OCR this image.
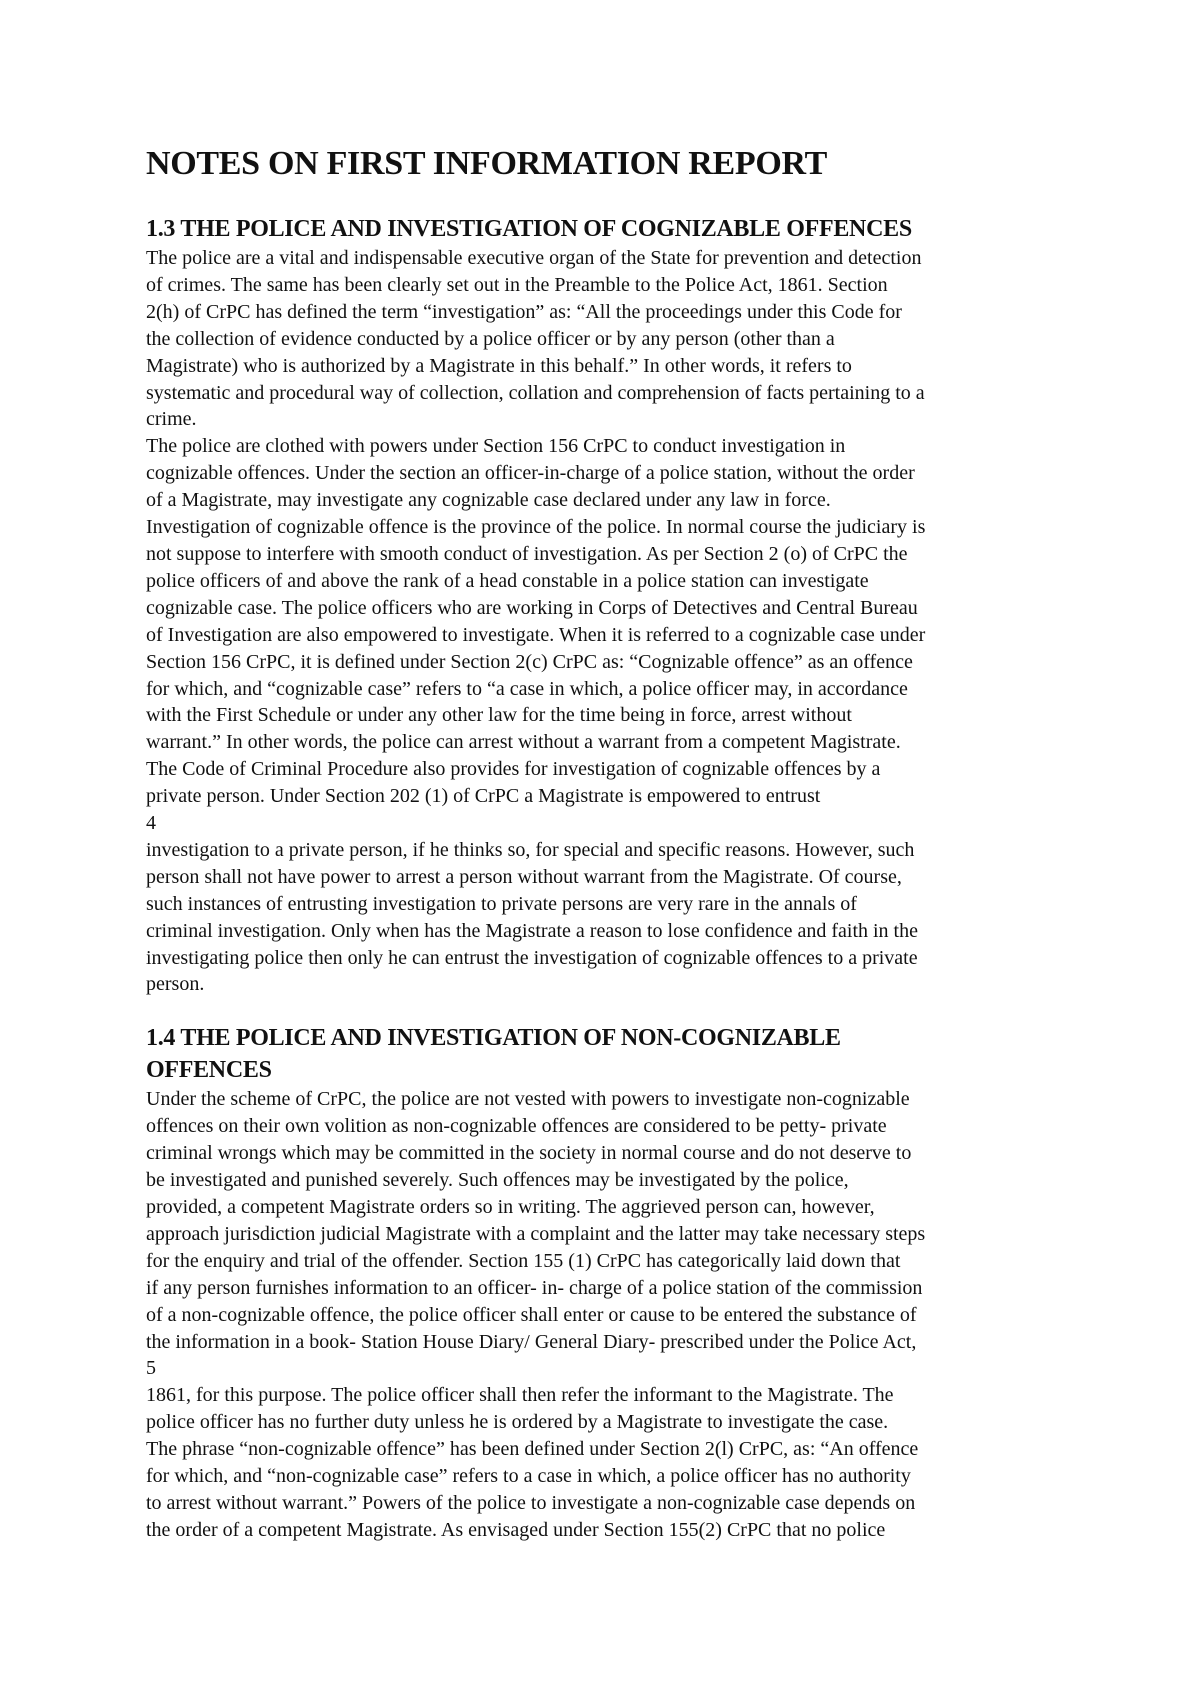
NOTES ON FIRST INFORMATION REPORT
1.3 THE POLICE AND INVESTIGATION OF COGNIZABLE OFFENCES
The police are a vital and indispensable executive organ of the State for prevention and detection
of crimes. The same has been clearly set out in the Preamble to the Police Act, 1861. Section
2(h) of CrPC has defined the term “investigation” as: “All the proceedings under this Code for
the collection of evidence conducted by a police officer or by any person (other than a
Magistrate) who is authorized by a Magistrate in this behalf.” In other words, it refers to
systematic and procedural way of collection, collation and comprehension of facts pertaining to a
crime.
The police are clothed with powers under Section 156 CrPC to conduct investigation in
cognizable offences. Under the section an officer-in-charge of a police station, without the order
of a Magistrate, may investigate any cognizable case declared under any law in force.
Investigation of cognizable offence is the province of the police. In normal course the judiciary is
not suppose to interfere with smooth conduct of investigation. As per Section 2 (o) of CrPC the
police officers of and above the rank of a head constable in a police station can investigate
cognizable case. The police officers who are working in Corps of Detectives and Central Bureau
of Investigation are also empowered to investigate. When it is referred to a cognizable case under
Section 156 CrPC, it is defined under Section 2(c) CrPC as: “Cognizable offence” as an offence
for which, and “cognizable case” refers to “a case in which, a police officer may, in accordance
with the First Schedule or under any other law for the time being in force, arrest without
warrant.” In other words, the police can arrest without a warrant from a competent Magistrate.
The Code of Criminal Procedure also provides for investigation of cognizable offences by a
private person. Under Section 202 (1) of CrPC a Magistrate is empowered to entrust
4
investigation to a private person, if he thinks so, for special and specific reasons. However, such
person shall not have power to arrest a person without warrant from the Magistrate. Of course,
such instances of entrusting investigation to private persons are very rare in the annals of
criminal investigation. Only when has the Magistrate a reason to lose confidence and faith in the
investigating police then only he can entrust the investigation of cognizable offences to a private
person.
1.4 THE POLICE AND INVESTIGATION OF NON-COGNIZABLE
OFFENCES
Under the scheme of CrPC, the police are not vested with powers to investigate non-cognizable
offences on their own volition as non-cognizable offences are considered to be petty- private
criminal wrongs which may be committed in the society in normal course and do not deserve to
be investigated and punished severely. Such offences may be investigated by the police,
provided, a competent Magistrate orders so in writing. The aggrieved person can, however,
approach jurisdiction judicial Magistrate with a complaint and the latter may take necessary steps
for the enquiry and trial of the offender. Section 155 (1) CrPC has categorically laid down that
if any person furnishes information to an officer- in- charge of a police station of the commission
of a non-cognizable offence, the police officer shall enter or cause to be entered the substance of
the information in a book- Station House Diary/ General Diary- prescribed under the Police Act,
5
1861, for this purpose. The police officer shall then refer the informant to the Magistrate. The
police officer has no further duty unless he is ordered by a Magistrate to investigate the case.
The phrase “non-cognizable offence” has been defined under Section 2(l) CrPC, as: “An offence
for which, and “non-cognizable case” refers to a case in which, a police officer has no authority
to arrest without warrant.” Powers of the police to investigate a non-cognizable case depends on
the order of a competent Magistrate. As envisaged under Section 155(2) CrPC that no police
